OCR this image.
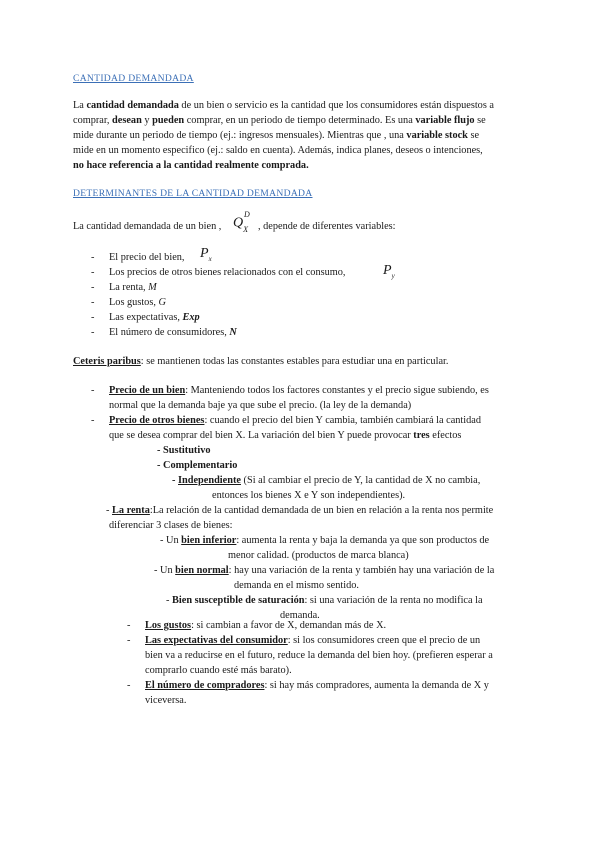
CANTIDAD DEMANDADA
La cantidad demandada de un bien o servicio es la cantidad que los consumidores están dispuestos a
comprar, desean y pueden comprar, en un periodo de tiempo determinado. Es una variable flujo se
mide durante un periodo de tiempo (ej.: ingresos mensuales). Mientras que , una variable stock se
mide en un momento especifico (ej.: saldo en cuenta). Además, indica planes, deseos o intenciones,
no hace referencia a la cantidad realmente comprada.
DETERMINANTES DE LA CANTIDAD DEMANDADA
La cantidad demandada de un bien , $Q_X^D$
, depende de diferentes variables:
- El precio del bien, $P_x$
- Los precios de otros bienes relacionados con el consumo,	$P_y$
- La renta, M
- Los gustos, G
- Las expectativas, Exp
- El número de consumidores, N
Ceteris paribus: se mantienen todas las constantes estables para estudiar una en particular.
- Precio de un bien: Manteniendo todos los factores constantes y el precio sigue subiendo, es
normal que la demanda baje ya que sube el precio. (la ley de la demanda)
- Precio de otros bienes: cuando el precio del bien Y cambia, también cambiará la cantidad
que se desea comprar del bien X. La variación del bien Y puede provocar tres efectos
- Sustitutivo
- Complementario
- Independiente (Si al cambiar el precio de Y, la cantidad de X no cambia,
entonces los bienes X e Y son independientes).
- La renta:La relación de la cantidad demandada de un bien en relación a la renta nos permite
diferenciar 3 clases de bienes:
- Un bien inferior: aumenta la renta y baja la demanda ya que son productos de
menor calidad. (productos de marca blanca)
- Un bien normal: hay una variación de la renta y también hay una variación de la
demanda en el mismo sentido.
- Bien susceptible de saturación: si una variación de la renta no modifica la
demanda.
- Los gustos: si cambian a favor de X, demandan más de X.
- Las expectativas del consumidor: si los consumidores creen que el precio de un
bien va a reducirse en el futuro, reduce la demanda del bien hoy. (prefieren esperar a
comprarlo cuando esté más barato).
- El número de compradores: si hay más compradores, aumenta la demanda de X y
viceversa.
